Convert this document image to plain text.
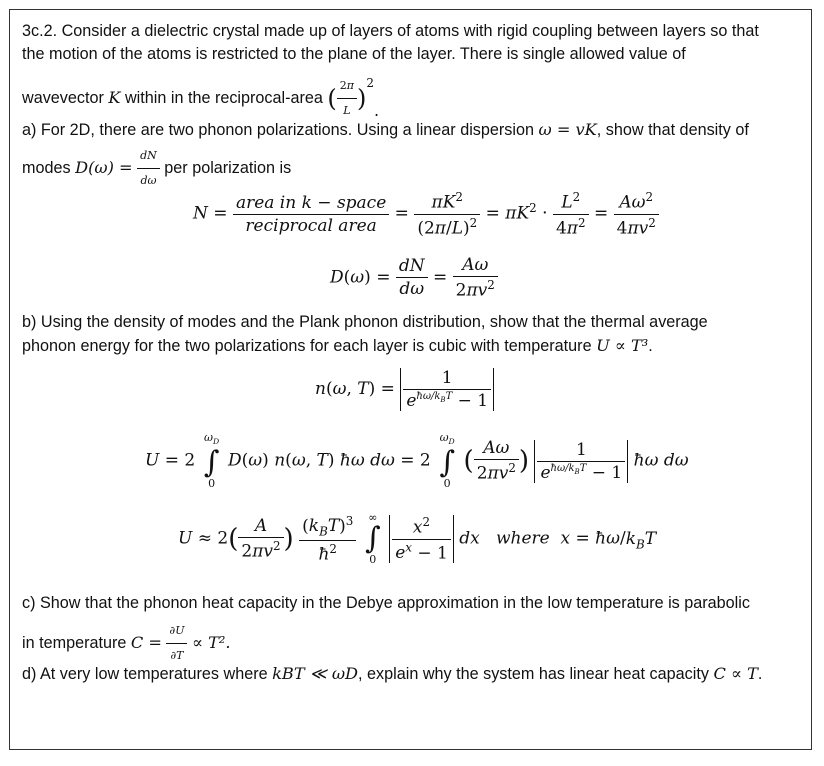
3c.2. Consider a dielectric crystal made up of layers of atoms with rigid coupling between layers so that
the motion of the atoms is restricted to the plane of the layer. There is single allowed value of
wavevector K within in the reciprocal-area ( $\frac{2\pi}{L} )^2$.
a) For 2D, there are two phonon polarizations. Using a linear dispersion ω = vK, show that density of
modes $D(\omega) = \frac{dN}{d\omega}$ per polarization is
$N = \frac{\text{area in k − space}}{\text{reciprocal area}} = \frac{\pi K^2}{(2\pi/L)^2} = \pi K^2 \cdot \frac{L^2}{4\pi^2} = \frac{A\omega^2}{4\pi v^2}$
$D(\omega) = \frac{dN}{d\omega} = \frac{A\omega}{2\pi v^2}$
b) Using the density of modes and the Plank phonon distribution, show that the thermal average
phonon energy for the two polarizations for each layer is cubic with temperature U ∝ T³.
n(ω, $T) = \frac{1}{e^{ħ\omega/k_BT} - 1}$
U = 2
$\omega_D$
∫
0
D(ω) n(ω, T) ħω dω = 2
$\omega_D$
∫
0
( $\frac{A\omega}{2\pi v^2}$ ) $\frac{1}{e^{ħ\omega/k_BT} - 1}$ ħω dω
$U \approx 2( \frac{A}{2\pi v^2}$ ) $\frac{(k_BT)^3}{ħ^2}$
	∞
∫
0
$\frac{x^2}{e^x - 1}$ dx where $x = ħ\omega/k_BT$
c) Show that the phonon heat capacity in the Debye approximation in the low temperature is parabolic
in temperature $C = \frac{\partial U}{\partial T} \propto T^2$.
d) At very low temperatures where kBT ≪ ωD, explain why the system has linear heat capacity C ∝ T.
